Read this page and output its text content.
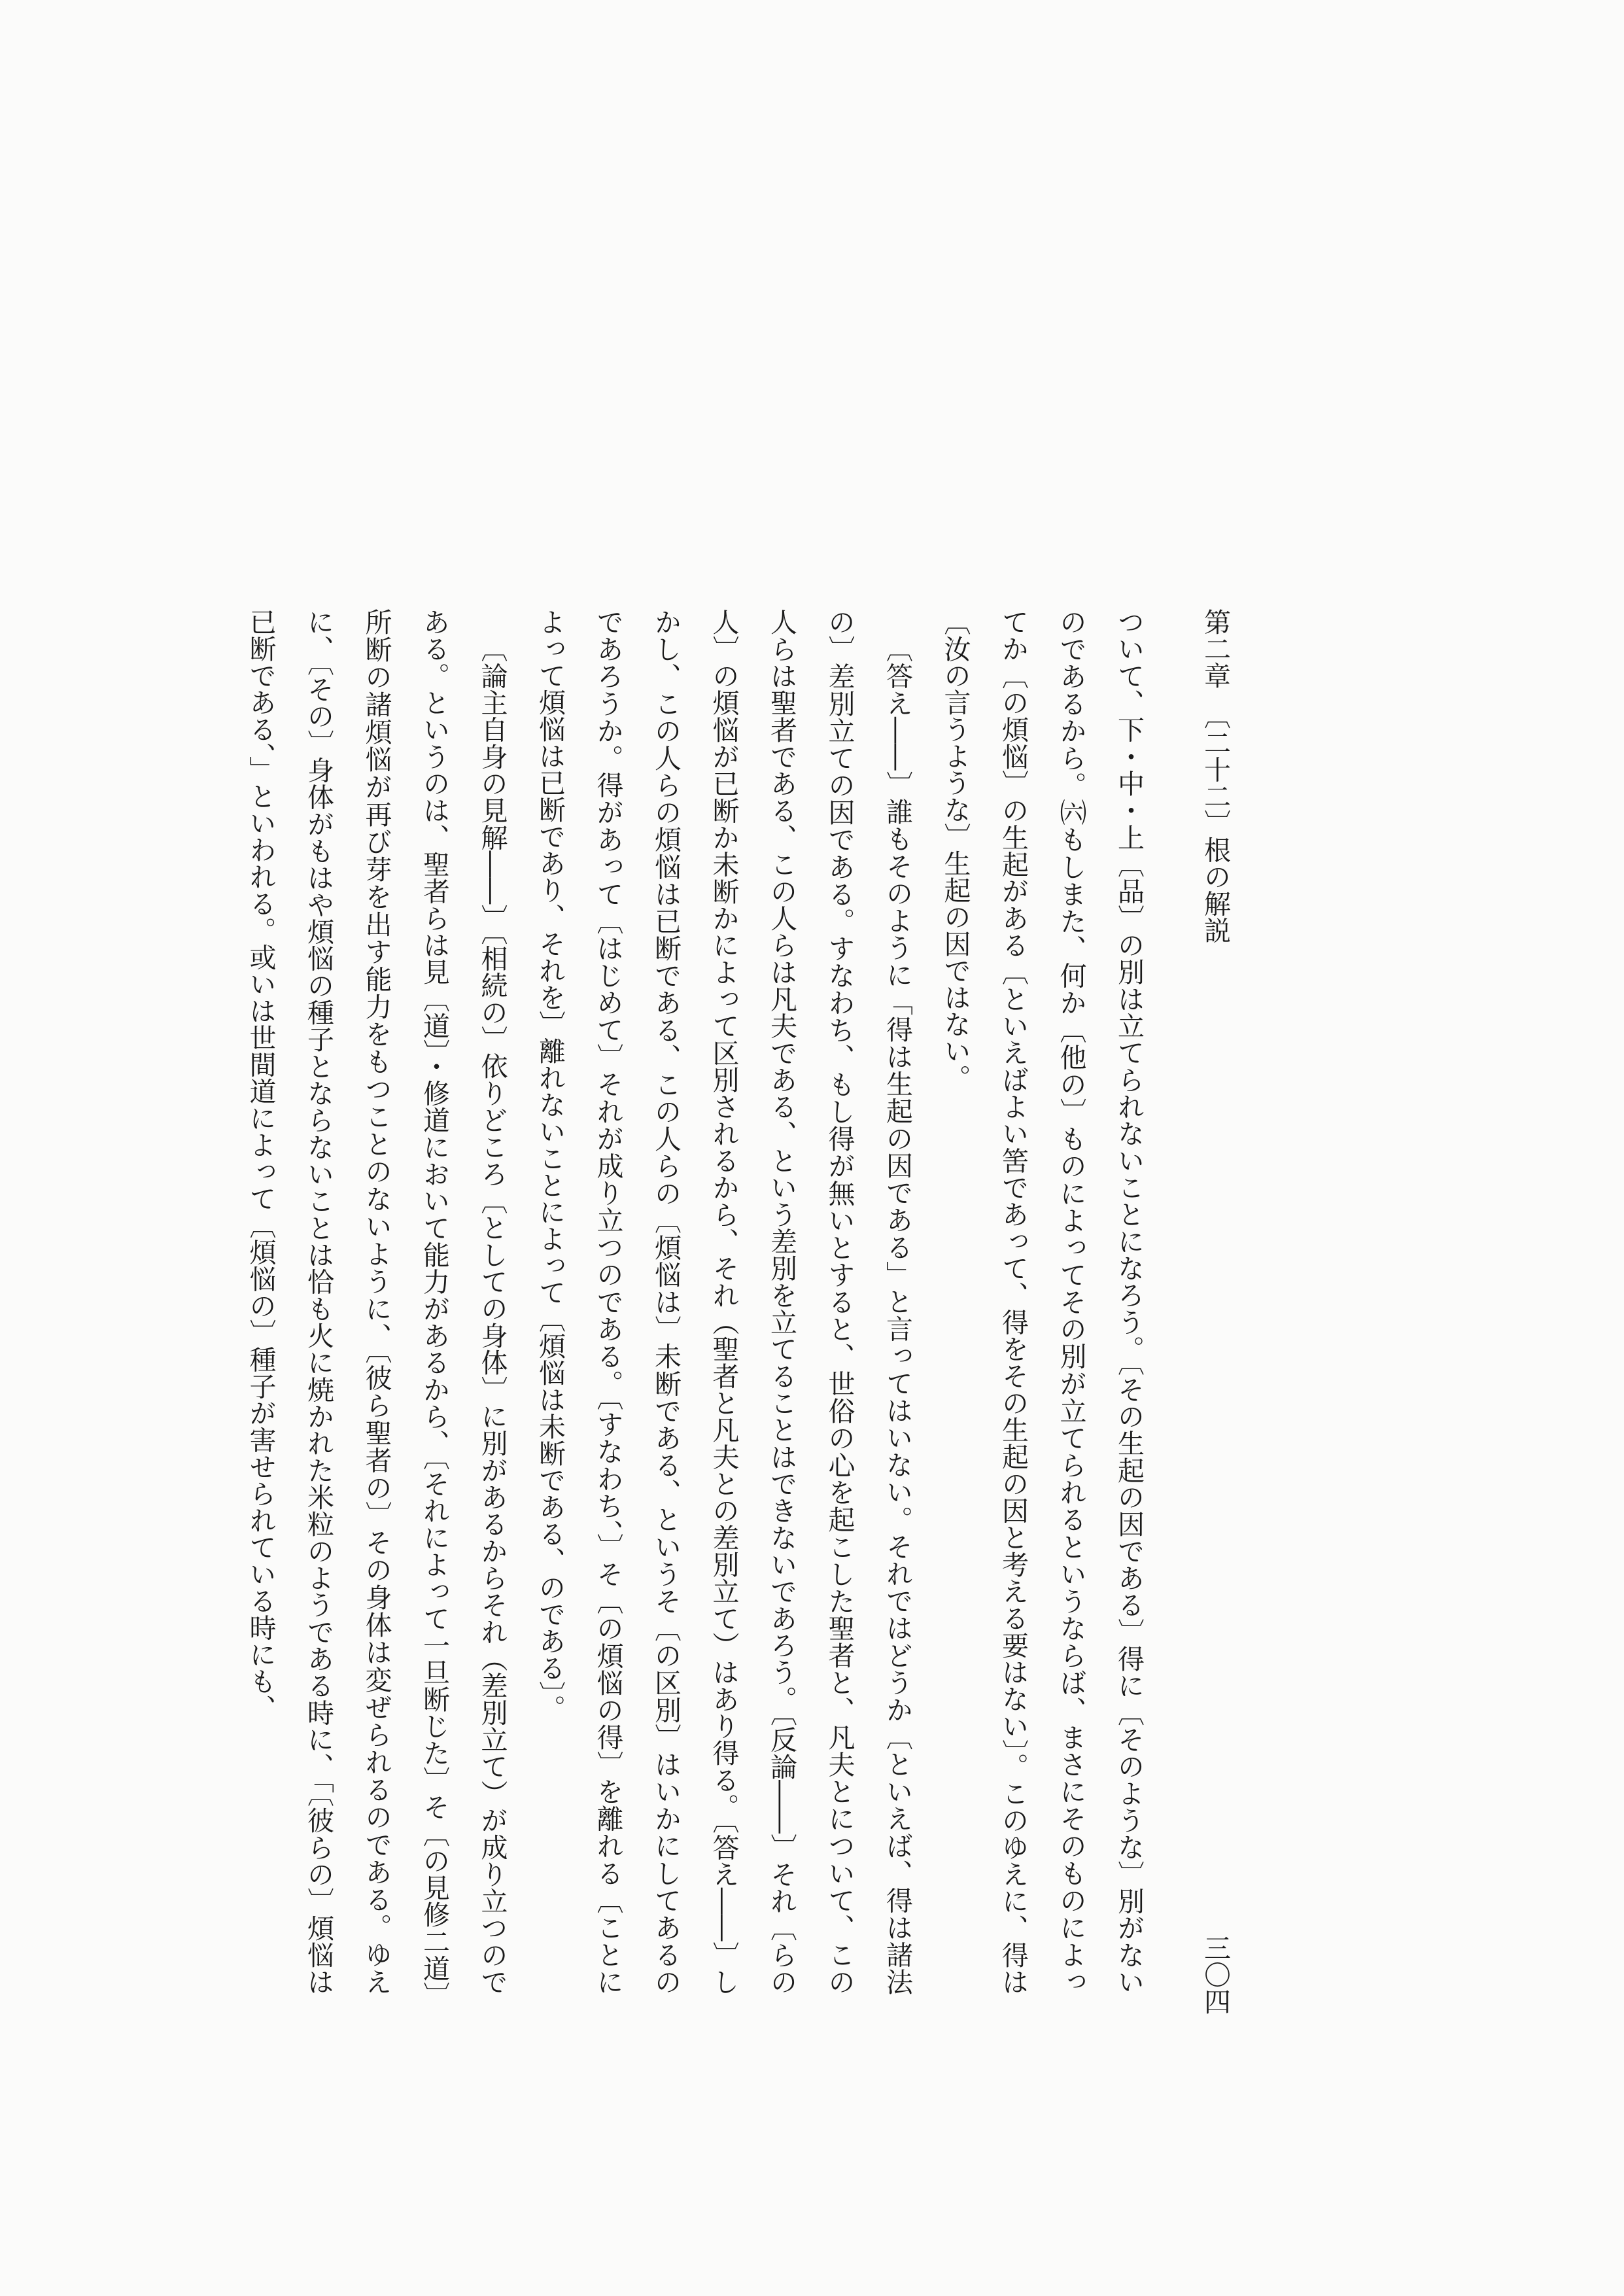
第二章　〔二十二〕根の解説
三〇四

ついて、下・中・上〔品〕の別は立てられないことになろう。〔その生起の因である〕得に〔そのような〕別がないのであるから。㈥もしまた、何か〔他の〕ものによってその別が立てられるというならば、まさにそのものによってか〔の煩悩〕の生起がある〔といえばよい筈であって、得をその生起の因と考える要はない〕。このゆえに、得は〔汝の言うような〕生起の因ではない。

〔答え――〕誰もそのように「得は生起の因である」と言ってはいない。それではどうか〔といえば、得は諸法の〕差別立ての因である。すなわち、もし得が無いとすると、世俗の心を起こした聖者と、凡夫とについて、この人らは聖者である、この人らは凡夫である、という差別を立てることはできないであろう。〔反論――〕それ〔らの人〕の煩悩が已断か未断かによって区別されるから、それ（聖者と凡夫との差別立て）はあり得る。〔答え――〕しかし、この人らの煩悩は已断である、この人らの〔煩悩は〕未断である、というそ〔の区別〕はいかにしてあるのであろうか。得があって〔はじめて〕それが成り立つのである。〔すなわち、〕そ〔の煩悩の得〕を離れる〔ことによって煩悩は已断であり、それを〕離れないことによって〔煩悩は未断である、のである〕。

〔論主自身の見解――〕〔相続の〕依りどころ〔としての身体〕に別があるからそれ（差別立て）が成り立つのである。というのは、聖者らは見〔道〕・修道において能力があるから、〔それによって一旦断じた〕そ〔の見修二道〕所断の諸煩悩が再び芽を出す能力をもつことのないように、〔彼ら聖者の〕その身体は変ぜられるのである。ゆえに、〔その〕身体がもはや煩悩の種子とならないことは恰も火に焼かれた米粒のようである時に、「〔彼らの〕煩悩は已断である、」といわれる。或いは世間道によって〔煩悩の〕種子が害せられている時にも、
